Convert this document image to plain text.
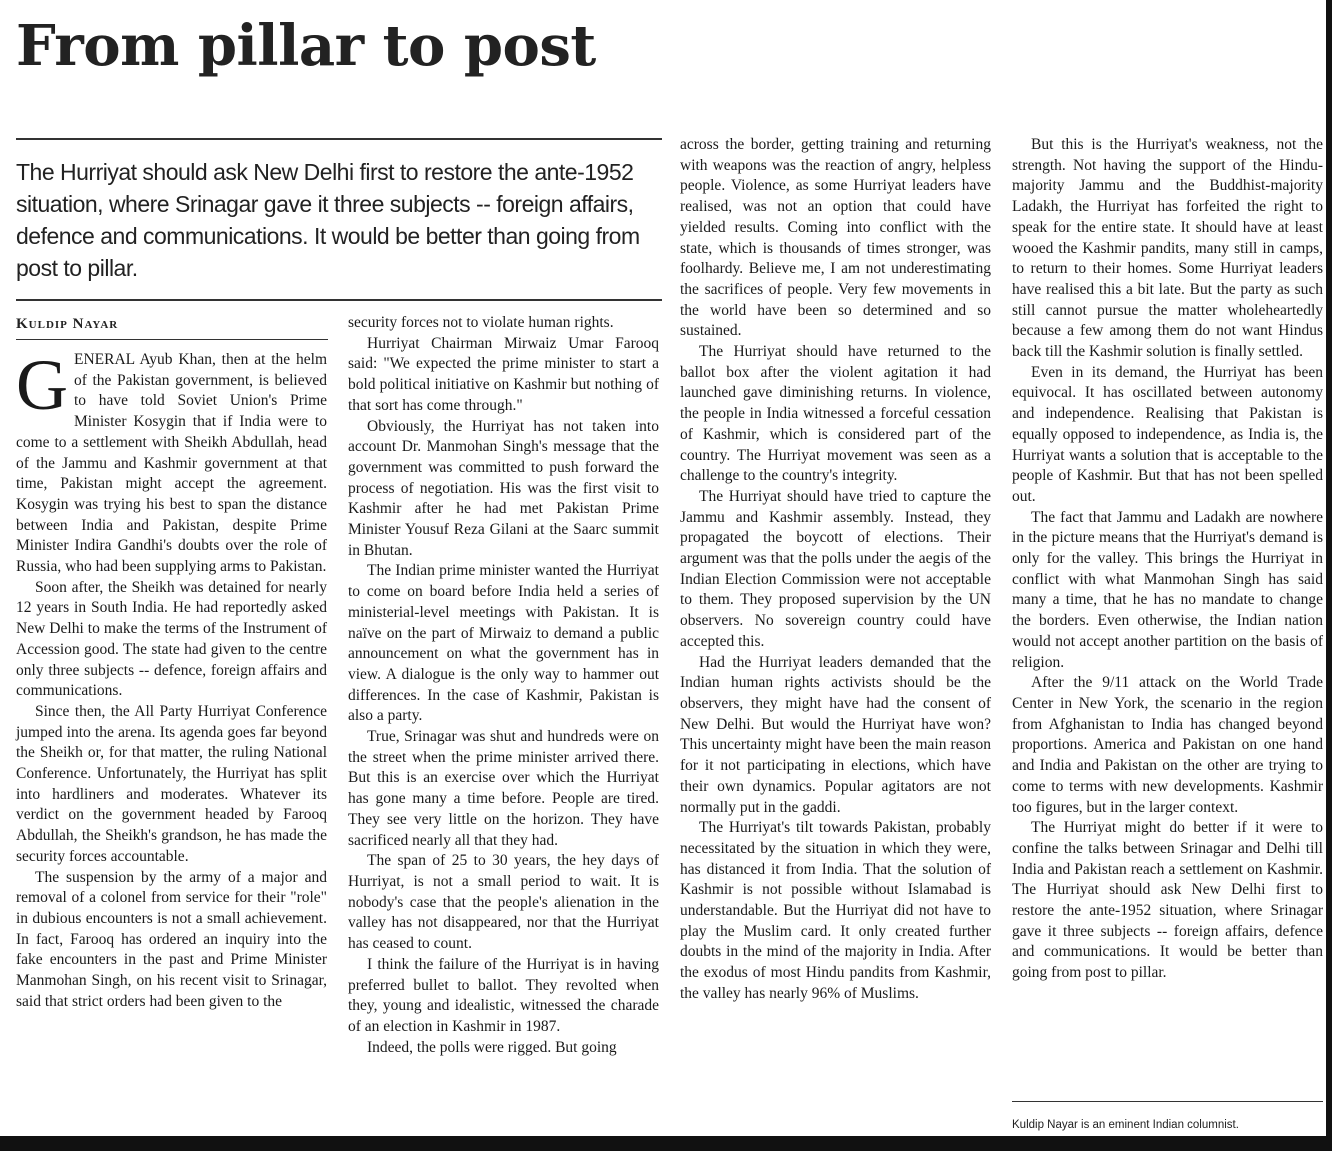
From pillar to post

The Hurriyat should ask New Delhi first to restore the ante-1952 situation, where Srinagar gave it three subjects -- foreign affairs, defence and communications. It would be better than going from post to pillar.

Kuldip Nayar

GENERAL Ayub Khan, then at the helm of the Pakistan government, is believed to have told Soviet Union's Prime Minister Kosygin that if India were to come to a settlement with Sheikh Abdullah, head of the Jammu and Kashmir government at that time, Pakistan might accept the agreement. Kosygin was trying his best to span the distance between India and Pakistan, despite Prime Minister Indira Gandhi's doubts over the role of Russia, who had been supplying arms to Pakistan.

Soon after, the Sheikh was detained for nearly 12 years in South India. He had reportedly asked New Delhi to make the terms of the Instrument of Accession good. The state had given to the centre only three subjects -- defence, foreign affairs and communications.

Since then, the All Party Hurriyat Conference jumped into the arena. Its agenda goes far beyond the Sheikh or, for that matter, the ruling National Conference. Unfortunately, the Hurriyat has split into hardliners and moderates. Whatever its verdict on the government headed by Farooq Abdullah, the Sheikh's grandson, he has made the security forces accountable.

The suspension by the army of a major and removal of a colonel from service for their "role" in dubious encounters is not a small achievement. In fact, Farooq has ordered an inquiry into the fake encounters in the past and Prime Minister Manmohan Singh, on his recent visit to Srinagar, said that strict orders had been given to the

security forces not to violate human rights.

Hurriyat Chairman Mirwaiz Umar Farooq said: "We expected the prime minister to start a bold political initiative on Kashmir but nothing of that sort has come through."

Obviously, the Hurriyat has not taken into account Dr. Manmohan Singh's message that the government was committed to push forward the process of negotiation. His was the first visit to Kashmir after he had met Pakistan Prime Minister Yousuf Reza Gilani at the Saarc summit in Bhutan.

The Indian prime minister wanted the Hurriyat to come on board before India held a series of ministerial-level meetings with Pakistan. It is naïve on the part of Mirwaiz to demand a public announcement on what the government has in view. A dialogue is the only way to hammer out differences. In the case of Kashmir, Pakistan is also a party.

True, Srinagar was shut and hundreds were on the street when the prime minister arrived there. But this is an exercise over which the Hurriyat has gone many a time before. People are tired. They see very little on the horizon. They have sacrificed nearly all that they had.

The span of 25 to 30 years, the hey days of Hurriyat, is not a small period to wait. It is nobody's case that the people's alienation in the valley has not disappeared, nor that the Hurriyat has ceased to count.

I think the failure of the Hurriyat is in having preferred bullet to ballot. They revolted when they, young and idealistic, witnessed the charade of an election in Kashmir in 1987.

Indeed, the polls were rigged. But going

across the border, getting training and returning with weapons was the reaction of angry, helpless people. Violence, as some Hurriyat leaders have realised, was not an option that could have yielded results. Coming into conflict with the state, which is thousands of times stronger, was foolhardy. Believe me, I am not underestimating the sacrifices of people. Very few movements in the world have been so determined and so sustained.

The Hurriyat should have returned to the ballot box after the violent agitation it had launched gave diminishing returns. In violence, the people in India witnessed a forceful cessation of Kashmir, which is considered part of the country. The Hurriyat movement was seen as a challenge to the country's integrity.

The Hurriyat should have tried to capture the Jammu and Kashmir assembly. Instead, they propagated the boycott of elections. Their argument was that the polls under the aegis of the Indian Election Commission were not acceptable to them. They proposed supervision by the UN observers. No sovereign country could have accepted this.

Had the Hurriyat leaders demanded that the Indian human rights activists should be the observers, they might have had the consent of New Delhi. But would the Hurriyat have won? This uncertainty might have been the main reason for it not participating in elections, which have their own dynamics. Popular agitators are not normally put in the gaddi.

The Hurriyat's tilt towards Pakistan, probably necessitated by the situation in which they were, has distanced it from India. That the solution of Kashmir is not possible without Islamabad is understandable. But the Hurriyat did not have to play the Muslim card. It only created further doubts in the mind of the majority in India. After the exodus of most Hindu pandits from Kashmir, the valley has nearly 96% of Muslims.

But this is the Hurriyat's weakness, not the strength. Not having the support of the Hindu-majority Jammu and the Buddhist-majority Ladakh, the Hurriyat has forfeited the right to speak for the entire state. It should have at least wooed the Kashmir pandits, many still in camps, to return to their homes. Some Hurriyat leaders have realised this a bit late. But the party as such still cannot pursue the matter wholeheartedly because a few among them do not want Hindus back till the Kashmir solution is finally settled.

Even in its demand, the Hurriyat has been equivocal. It has oscillated between autonomy and independence. Realising that Pakistan is equally opposed to independence, as India is, the Hurriyat wants a solution that is acceptable to the people of Kashmir. But that has not been spelled out.

The fact that Jammu and Ladakh are nowhere in the picture means that the Hurriyat's demand is only for the valley. This brings the Hurriyat in conflict with what Manmohan Singh has said many a time, that he has no mandate to change the borders. Even otherwise, the Indian nation would not accept another partition on the basis of religion.

After the 9/11 attack on the World Trade Center in New York, the scenario in the region from Afghanistan to India has changed beyond proportions. America and Pakistan on one hand and India and Pakistan on the other are trying to come to terms with new developments. Kashmir too figures, but in the larger context.

The Hurriyat might do better if it were to confine the talks between Srinagar and Delhi till India and Pakistan reach a settlement on Kashmir. The Hurriyat should ask New Delhi first to restore the ante-1952 situation, where Srinagar gave it three subjects -- foreign affairs, defence and communications. It would be better than going from post to pillar.

Kuldip Nayar is an eminent Indian columnist.
